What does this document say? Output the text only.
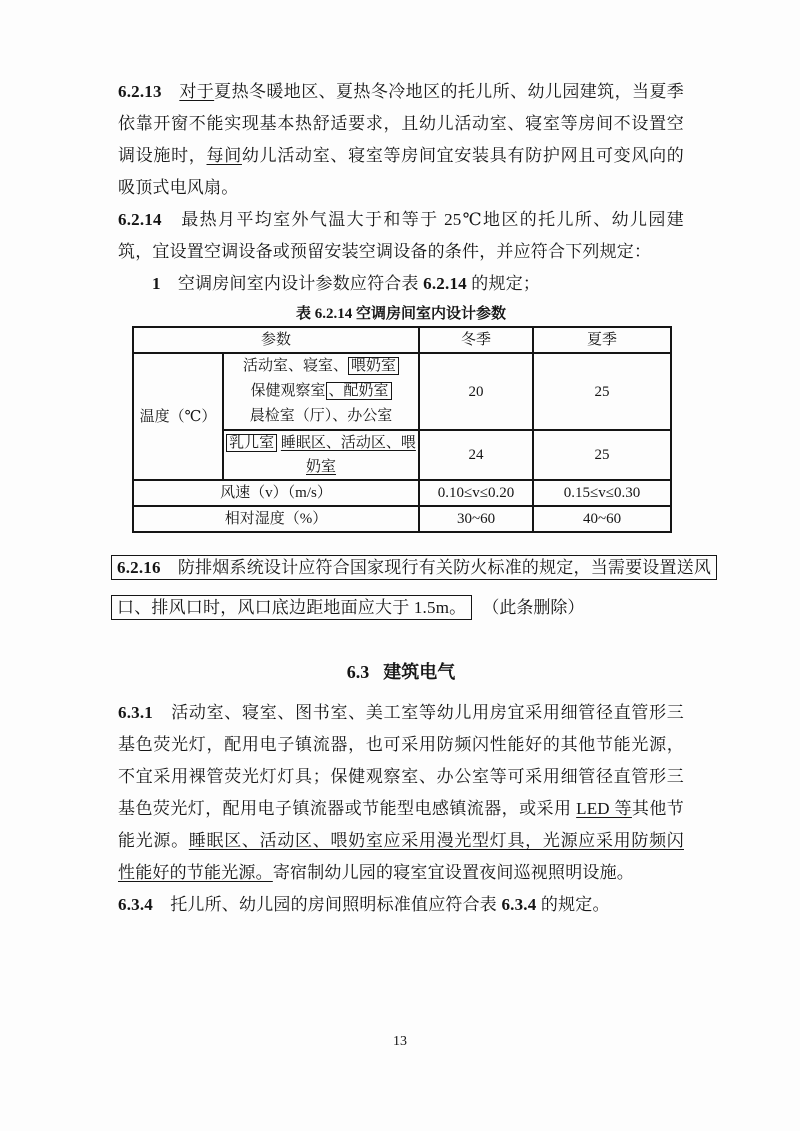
6.2.13　 对于夏热冬暖地区、夏热冬冷地区的托儿所、幼儿园建筑，当夏季依靠开窗不能实现基本热舒适要求，且幼儿活动室、寝室等房间不设置空调设施时，每间幼儿活动室、寝室等房间宜安装具有防护网且可变风向的吸顶式电风扇。

6.2.14　最热月平均室外气温大于和等于 25℃地区的托儿所、幼儿园建筑，宜设置空调设备或预留安装空调设备的条件，并应符合下列规定：

1　空调房间室内设计参数应符合表 6.2.14 的规定；

表 6.2.14 空调房间室内设计参数
参数		冬季	夏季
温度（℃）	活动室、寝室、 喂奶室
保健观察室 、配奶室
晨检室（厅）、办公室	20	25
	乳儿室 睡眠区、活动区、喂奶室	24	25
风速（v）（m/s）		0.10≤v≤0.20	0.15≤v≤0.30
相对湿度（%）		30~60	40~60
6.2.16　防排烟系统设计应符合国家现行有关防火标准的规定，当需要设置送风
口、排风口时，风口底边距地面应大于 1.5m。 （此条删除）
6.3 建筑电气

6.3.1　活动室、寝室、图书室、美工室等幼儿用房宜采用细管径直管形三基色荧光灯，配用电子镇流器，也可采用防频闪性能好的其他节能光源，不宜采用裸管荧光灯灯具；保健观察室、办公室等可采用细管径直管形三基色荧光灯，配用电子镇流器或节能型电感镇流器，或采用 LED 等其他节能光源。睡眠区、活动区、喂奶室应采用漫光型灯具，光源应采用防频闪性能好的节能光源。寄宿制幼儿园的寝室宜设置夜间巡视照明设施。

6.3.4　托儿所、幼儿园的房间照明标准值应符合表 6.3.4 的规定。

13
